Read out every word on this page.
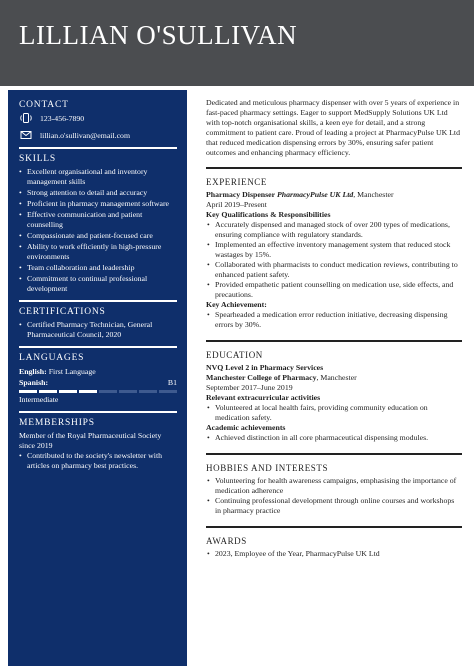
LILLIAN O'SULLIVAN
CONTACT
123-456-7890
lillian.o'sullivan@email.com
SKILLS
• Excellent organisational and inventory management skills
• Strong attention to detail and accuracy
• Proficient in pharmacy management software
• Effective communication and patient counselling
• Compassionate and patient-focused care
• Ability to work efficiently in high-pressure environments
• Team collaboration and leadership
• Commitment to continual professional development
CERTIFICATIONS
• Certified Pharmacy Technician, General Pharmaceutical Council, 2020
LANGUAGES
English: First Language
Spanish:	B1
Intermediate
MEMBERSHIPS
Member of the Royal Pharmaceutical Society since 2019
• Contributed to the society's newsletter with articles on pharmacy best practices.
Dedicated and meticulous pharmacy dispenser with over 5 years of experience in fast-paced pharmacy settings. Eager to support MedSupply Solutions UK Ltd with top-notch organisational skills, a keen eye for detail, and a strong commitment to patient care. Proud of leading a project at PharmacyPulse UK Ltd that reduced medication dispensing errors by 30%, ensuring safer patient outcomes and enhancing pharmacy efficiency.
EXPERIENCE
Pharmacy Dispenser PharmacyPulse UK Ltd, Manchester
April 2019–Present
Key Qualifications & Responsibilities
• Accurately dispensed and managed stock of over 200 types of medications, ensuring compliance with regulatory standards.
• Implemented an effective inventory management system that reduced stock wastages by 15%.
• Collaborated with pharmacists to conduct medication reviews, contributing to enhanced patient safety.
• Provided empathetic patient counselling on medication use, side effects, and precautions.
Key Achievement:
• Spearheaded a medication error reduction initiative, decreasing dispensing errors by 30%.
EDUCATION
NVQ Level 2 in Pharmacy Services
Manchester College of Pharmacy, Manchester
September 2017–June 2019
Relevant extracurricular activities
• Volunteered at local health fairs, providing community education on medication safety.
Academic achievements
• Achieved distinction in all core pharmaceutical dispensing modules.
HOBBIES AND INTERESTS
• Volunteering for health awareness campaigns, emphasising the importance of medication adherence
• Continuing professional development through online courses and workshops in pharmacy practice
AWARDS
• 2023, Employee of the Year, PharmacyPulse UK Ltd
